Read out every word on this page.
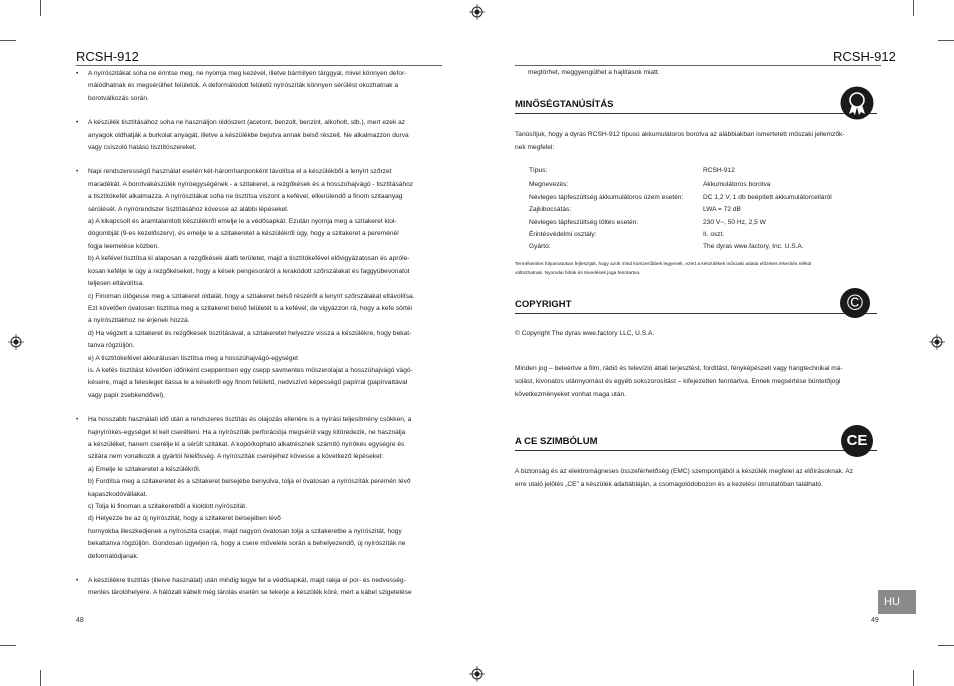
RCSH-912	RCSH-912

• A nyírószitákat soha ne érintse meg, ne nyomja meg kezével, illetve bármilyen tárggyal, mivel könnyen defor-
málódhatnak és megsérülhet felületük. A deformálódott felületű nyírószíták könnyen sérülést okozhatnak a
borotválkozás során.

• A készülék tisztításához soha ne használjon oldószert (acetont, benzolt, benzint, alkoholt, stb.), mert ezek az
anyagok oldhatják a burkolat anyagát, illetve a készülékbe bejutva annak belső részeit. Ne alkalmazzon durva
vagy csiszoló hatású tisztítószereket.

• Napi rendszerességű használat esetén két-háromhanponként távolítsa el a készülékből a lenyírt szőrzet
maradékát. A borotvakészülék nyíróegységének - a szitakeret, a rezgőkések és a hosszúhajvágó - tisztításához
a tisztítókefét alkalmazza. A nyírószitákat soha ne tisztítsa viszont a kefével, elkerülendő a finom szitaanyag
sérülését. A nyírórendszer tisztításához kövesse az alábbi lépéseket.
a) A kikapcsolt és áramtalanított készülékről emelje le a védősapkát. Ezután nyomja meg a szitakeret kiol-
dógombját (9-es kezelőszerv), és emelje le a szitakeretet a készülékről úgy, hogy a szitakeret a pereménél
fogja leemelése közben.
b) A kefével tisztítsa ki alaposan a rezgőkések alatti területet, majd a tisztítókefével elővigyázatosan és apróle-
kosan kefélje le úgy a rezgőkéseket, hogy a kések pengesoráról a lerakódott szőrszálakat és faggyúbevonatot
teljesen eltávolítsa.
c) Finoman ütögesse meg a szitakeret oldalát, hogy a szitakeret belső részéről a lenyírt szőrszálakat eltávolítsa.
Ezt követően óvatosan tisztítsa meg a szitakeret belső felületét is a kefével, de vigyázzon rá, hogy a kefe sörtéi
a nyírószitákhoz ne érjenek hozzá.
d) Ha végzett a szitakeret és rezgőkések tisztításával, a szitakeretet helyezze vissza a készülékre, hogy bekat-
tanva rögzüljön.
e) A tisztítókefével akkurátusan tisztítsa meg a hosszúhajvágó-egységet
is. A kefés tisztítást követően időnként cseppentsen egy csepp savmentes műszerolajat a hosszúhajvágó vágó-
késeire, majd a felesleget itassa le a késekről egy finom felületű, nedvszívó képességű papírral (papírvattával
vagy papír zsebkendővel).

• Ha hosszabb használati idő után a rendszeres tisztítás és olajozás ellenére is a nyírási teljesítmény csökken, a
hajnyírókés-egységet ki kell cserélteni. Ha a nyírószíták perforációja megsérül vagy kitöredezik, ne használja
a készüléket, hanem cserélje ki a sérült szitákat. A kopó/kopható alkatrésznek számító nyírókés egységre és
szitára nem vonatkozik a gyártói felelősség. A nyírószíták cseréjéhez kövesse a következő lépéseket:
a) Emelje le szitakeretet a készülékről.
b) Fordítsa meg a szitakeretet és a szitakeret belsejébe benyúlva, tolja el óvatosan a nyírószíták peremén lévő
kapaszkodóvállakat.
c) Tolja ki finoman a szitakeretből a kioldott nyírószitát.
d) Helyezze be az új nyírószitát, hogy a szitakeret belsejében lévő
hornyokba illeszkedjenek a nyíroszita csapjai, majd nagyon óvatosan tolja a szitakeretbe a nyírószitát, hogy
bekattanva rögzüljön. Gondosan ügyeljen rá, hogy a csere művelete során a behelyezendő, új nyírószíták ne
deformálódjanak.

• A készülékre tisztítás (illetve használat) után mindig tegye fel a védősapkát, majd rakja el por- és nedvesség-
mentes tárolóhelyére. A hálózati kábelt még tárolás esetén se tekerje a készülék köré, mert a kábel szigetelése

48
megtörhet, meggyengülhet a hajlítások miatt.
MINŐSÉGTANÚSÍTÁS
Tanúsítjuk, hogy a dyras RCSH-912 típusú akkumulátoros borotva az alábbiakban ismertetett műszaki jellemzők-
nek megfelel:
Típus:	RCSH-912
Megnevezés:	Akkumulátoros borotva
Névleges tápfeszültség akkumulátoros üzem esetén:	DC 1,2 V, 1 db beépített akkumulátorcelláról
Zajkibocsátás:	LWA = 72 dB
Névleges tápfeszültség töltés esetén:	230 V~, 50 Hz, 2,5 W
Érintésvédelmi osztály:	II. oszt.
Gyártó:	The dyras wwe.factory, Inc. U.S.A.
Termékeinket folyamatosan fejlesztjük, hogy azok mind korszerűbbek legyenek, ezért a készülékek műszaki adatai előzetes értesítés nélkül
változhatnak. Nyomdai hibák és tévedések joga fenntartva.
COPYRIGHT	©
© Copyright The dyras wwe.factory LLC, U.S.A.
Minden jog – beleértve a film, rádió és televízió általi terjesztést, fordítást, fényképészeti vagy hangtechnikai má-
solást, kivonatos utánnyomást és egyéb sokszorosítást – kifejezetten fenntartva. Ennek megsértése büntetőjogi
következményeket vonhat maga után.
A CE SZIMBÓLUM	CE
A biztonság és az elektromágneses összeférhetőség (EMC) szempontjából a készülék megfelel az előírásoknak. Az
erre utaló jelölés „CE” a készülék adattábláján, a csomagolódobozon és a kezelési útmutatóban található.
HU
49
